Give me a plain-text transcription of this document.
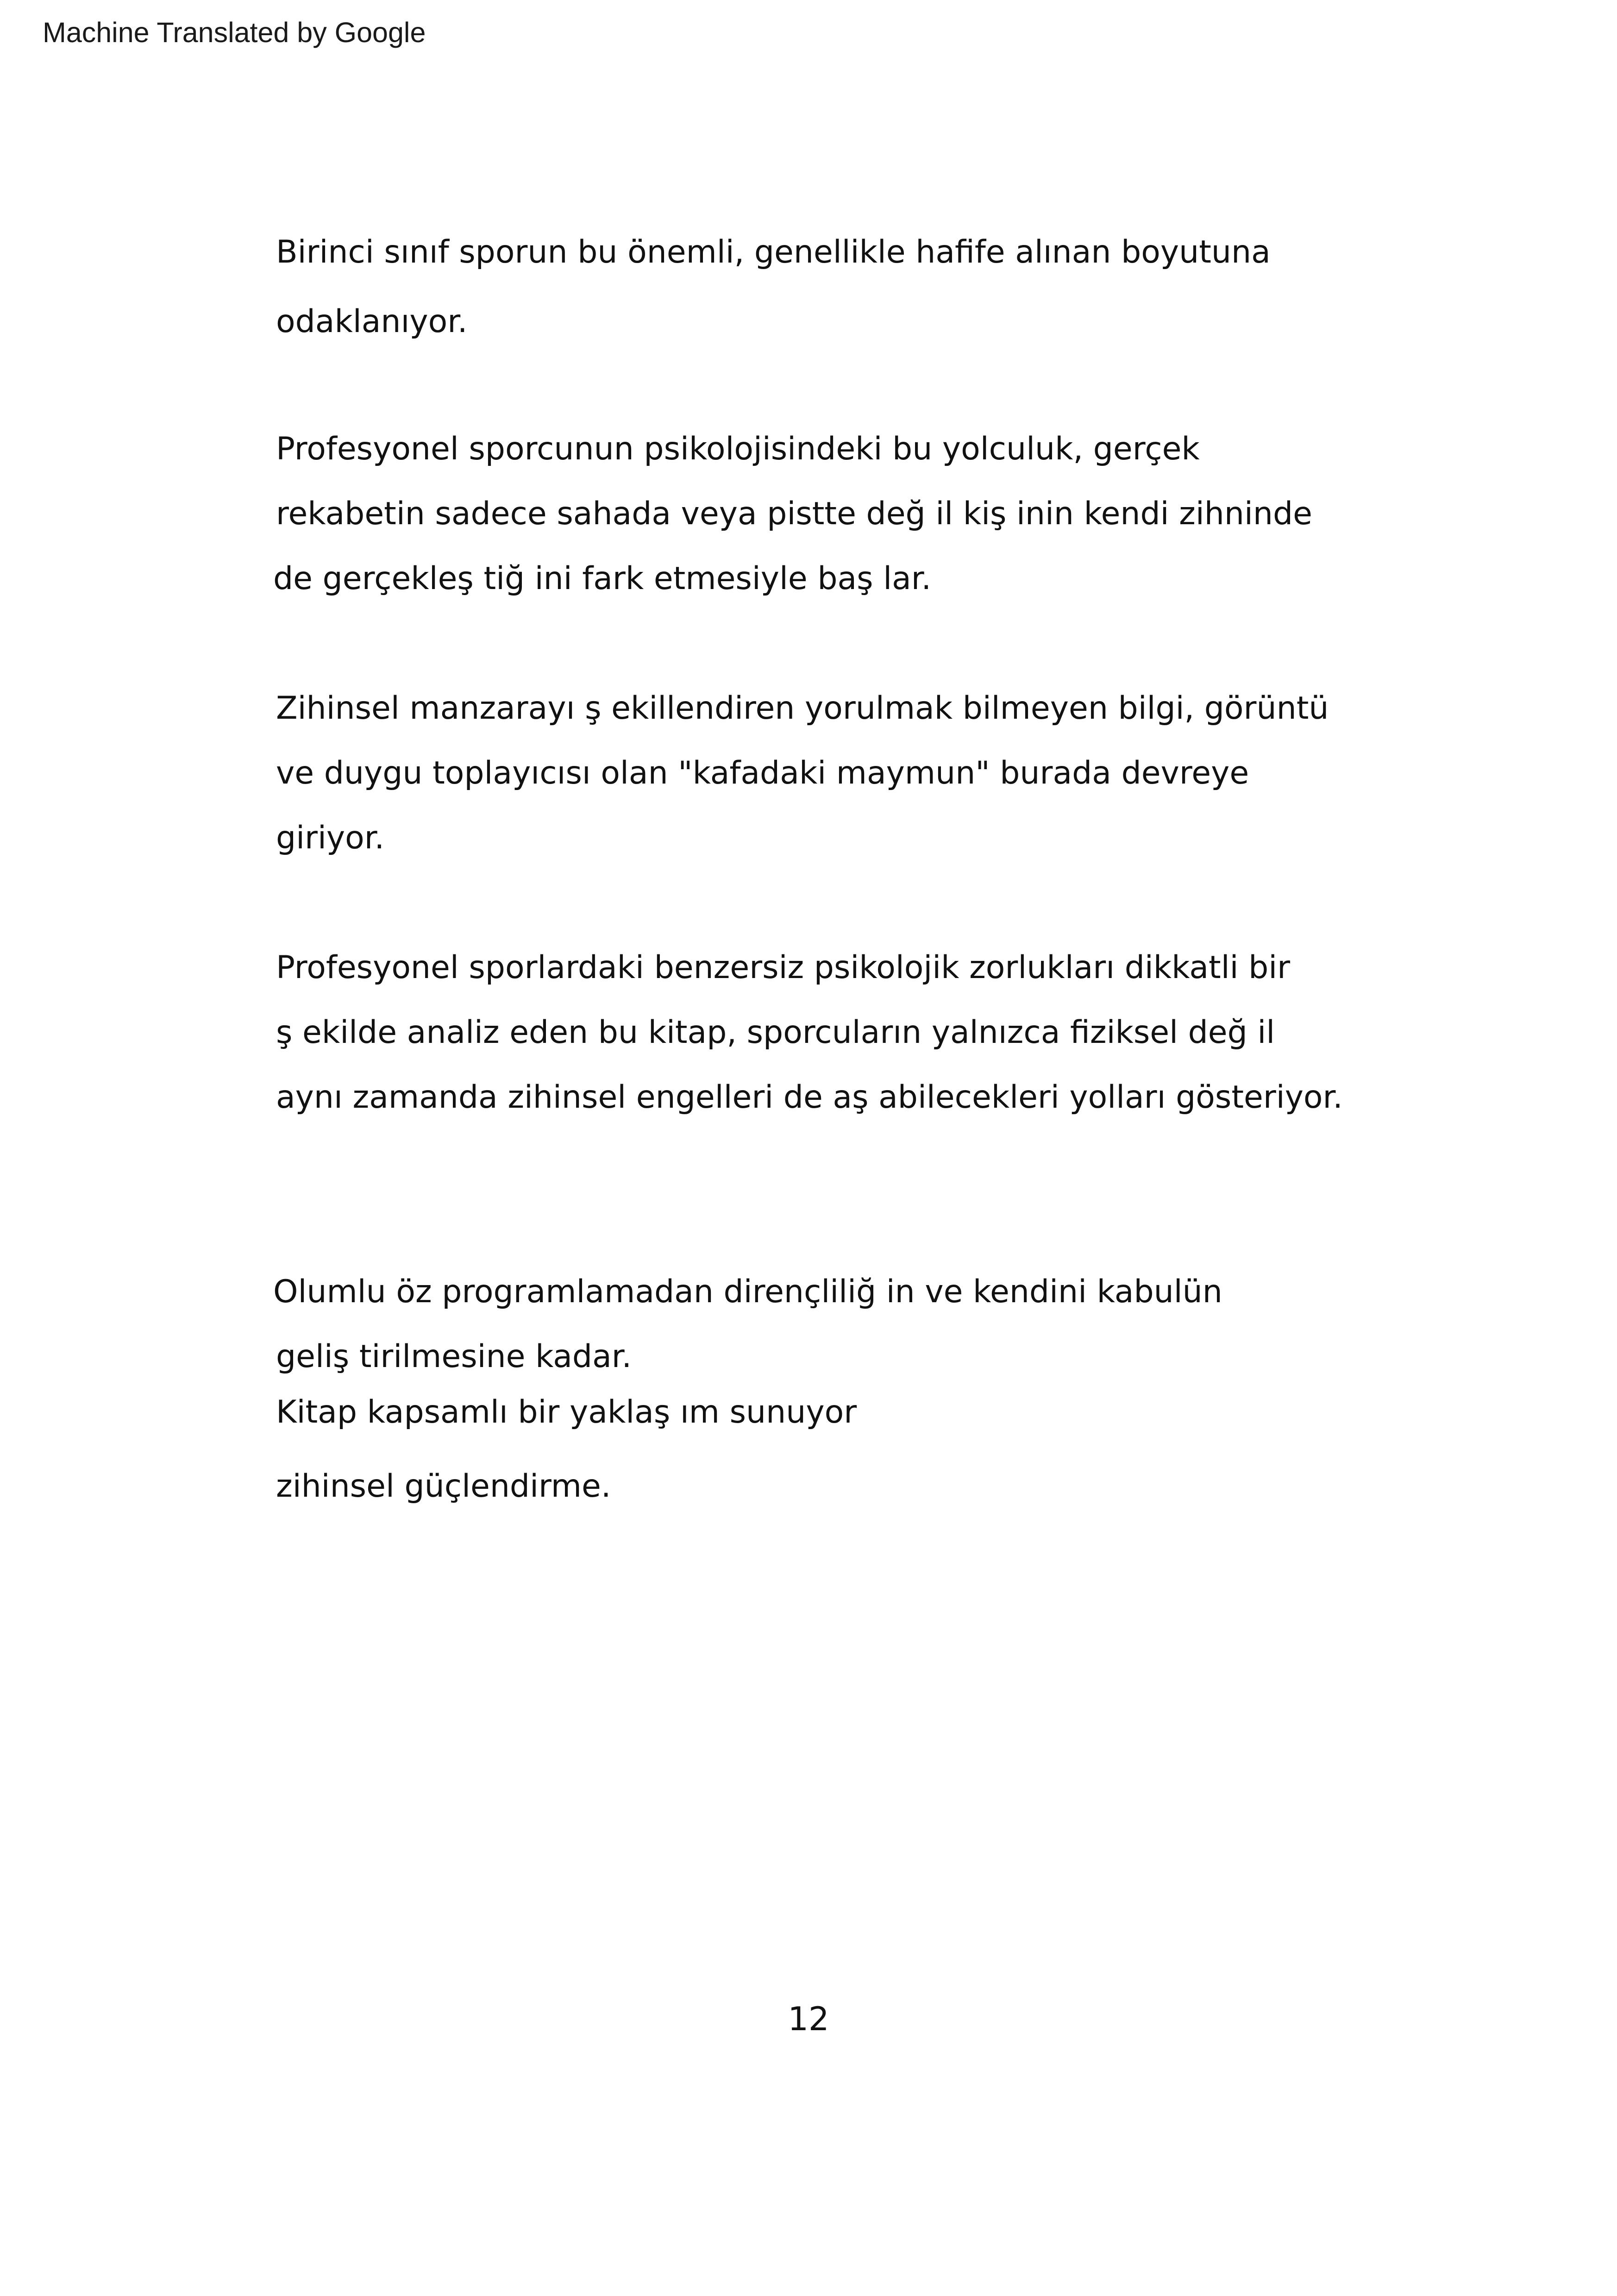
Machine Translated by Google
Birinci sınıf sporun bu önemli, genellikle hafife alınan boyutuna
odaklanıyor.
Profesyonel sporcunun psikolojisindeki bu yolculuk, gerçek
rekabetin sadece sahada veya pistte değ il kiş inin kendi zihninde
de gerçekleş tiğ ini fark etmesiyle baş lar.
Zihinsel manzarayı ş ekillendiren yorulmak bilmeyen bilgi, görüntü
ve duygu toplayıcısı olan "kafadaki maymun" burada devreye
giriyor.
Profesyonel sporlardaki benzersiz psikolojik zorlukları dikkatli bir
ş ekilde analiz eden bu kitap, sporcuların yalnızca fiziksel değ il
aynı zamanda zihinsel engelleri de aş abilecekleri yolları gösteriyor.
Olumlu öz programlamadan dirençliliğ in ve kendini kabulün
geliş tirilmesine kadar.
Kitap kapsamlı bir yaklaş ım sunuyor
zihinsel güçlendirme.
12
